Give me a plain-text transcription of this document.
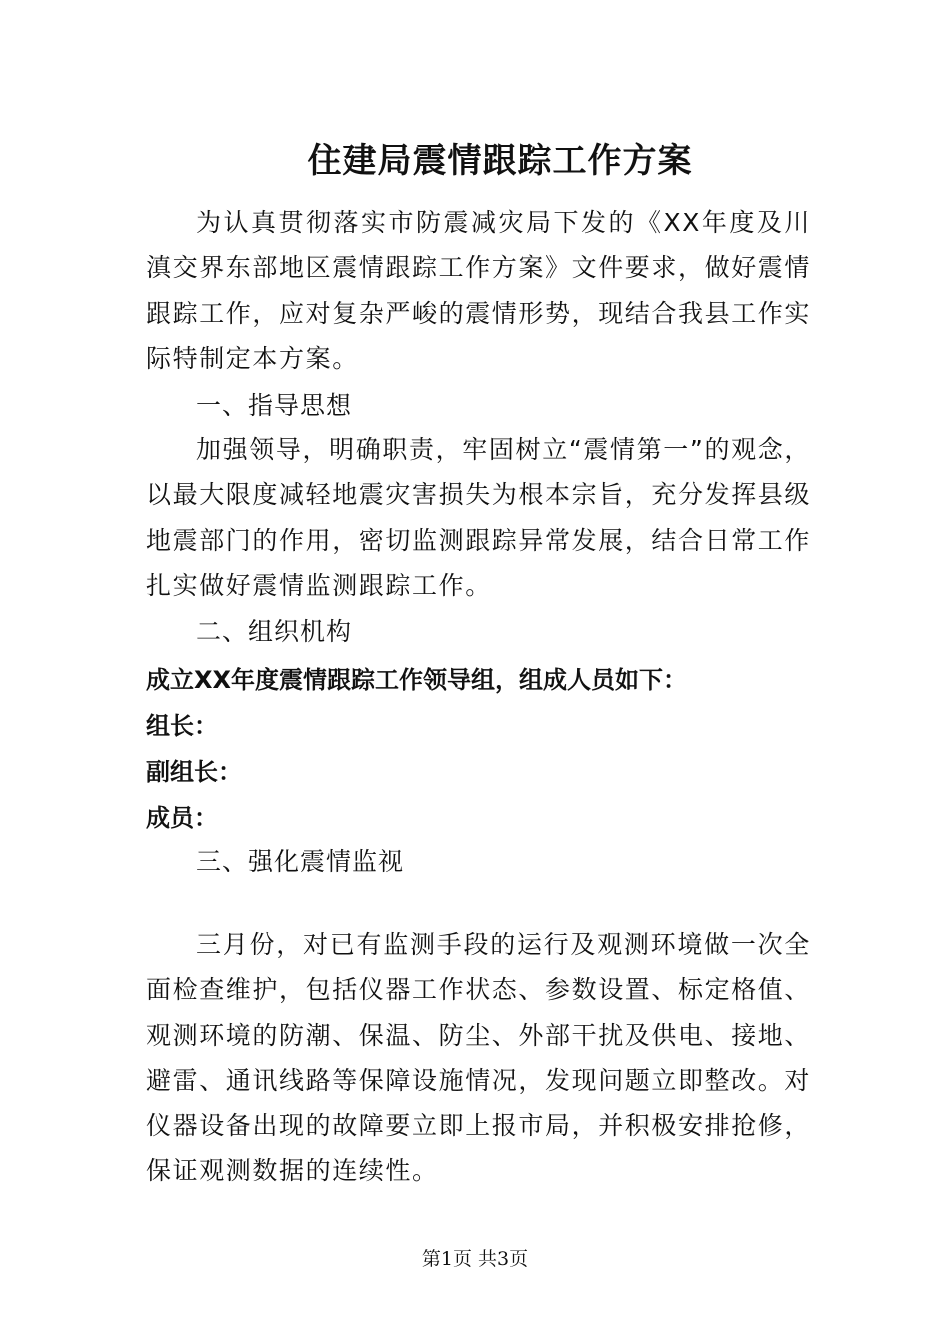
住建局震情跟踪工作方案

为认真贯彻落实市防震减灾局下发的《XX年度及川滇交界东部地区震情跟踪工作方案》文件要求，做好震情跟踪工作，应对复杂严峻的震情形势，现结合我县工作实际特制定本方案。

一、指导思想

加强领导，明确职责，牢固树立“震情第一”的观念，以最大限度减轻地震灾害损失为根本宗旨，充分发挥县级地震部门的作用，密切监测跟踪异常发展，结合日常工作扎实做好震情监测跟踪工作。

二、组织机构

成立XX年度震情跟踪工作领导组，组成人员如下：

组长：

副组长：

成员：

三、强化震情监视

三月份，对已有监测手段的运行及观测环境做一次全面检查维护，包括仪器工作状态、参数设置、标定格值、观测环境的防潮、保温、防尘、外部干扰及供电、接地、避雷、通讯线路等保障设施情况，发现问题立即整改。对仪器设备出现的故障要立即上报市局，并积极安排抢修，保证观测数据的连续性。

第1页 共3页
